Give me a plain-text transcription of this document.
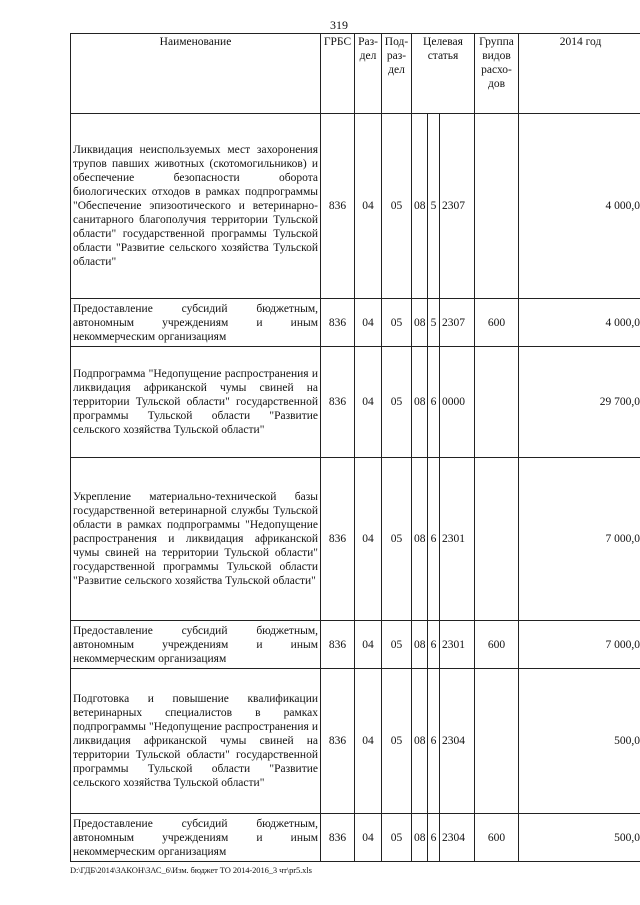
319
Наименование	ГРБС	Раз-дел	Под-раз-дел	Целевая статья			Группа видов расхо-дов	2014 год
Ликвидация неиспользуемых мест захоронения трупов павших животных (скотомогильников) и обеспечение безопасности оборота биологических отходов в рамках подпрограммы "Обеспечение эпизоотического и ветеринарно-санитарного благополучия территории Тульской области" государственной программы Тульской области "Развитие сельского хозяйства Тульской области"	836	04	05	08	5	2307		4 000,0
Предоставление субсидий бюджетным, автономным учреждениям и иным некоммерческим организациям	836	04	05	08	5	2307	600	4 000,0
Подпрограмма "Недопущение распространения и ликвидация африканской чумы свиней на территории Тульской области" государственной программы Тульской области "Развитие сельского хозяйства Тульской области"	836	04	05	08	6	0000		29 700,0
Укрепление материально-технической базы государственной ветеринарной службы Тульской области в рамках подпрограммы "Недопущение распространения и ликвидация африканской чумы свиней на территории Тульской области" государственной программы Тульской области "Развитие сельского хозяйства Тульской области"	836	04	05	08	6	2301		7 000,0
Предоставление субсидий бюджетным, автономным учреждениям и иным некоммерческим организациям	836	04	05	08	6	2301	600	7 000,0
Подготовка и повышение квалификации ветеринарных специалистов в рамках подпрограммы "Недопущение распространения и ликвидация африканской чумы свиней на территории Тульской области" государственной программы Тульской области "Развитие сельского хозяйства Тульской области"	836	04	05	08	6	2304		500,0
Предоставление субсидий бюджетным, автономным учреждениям и иным некоммерческим организациям	836	04	05	08	6	2304	600	500,0
D:\ГДБ\2014\ЗАКОН\ЗАС_6\Изм. бюджет ТО 2014-2016_3 чт\pr5.xls
